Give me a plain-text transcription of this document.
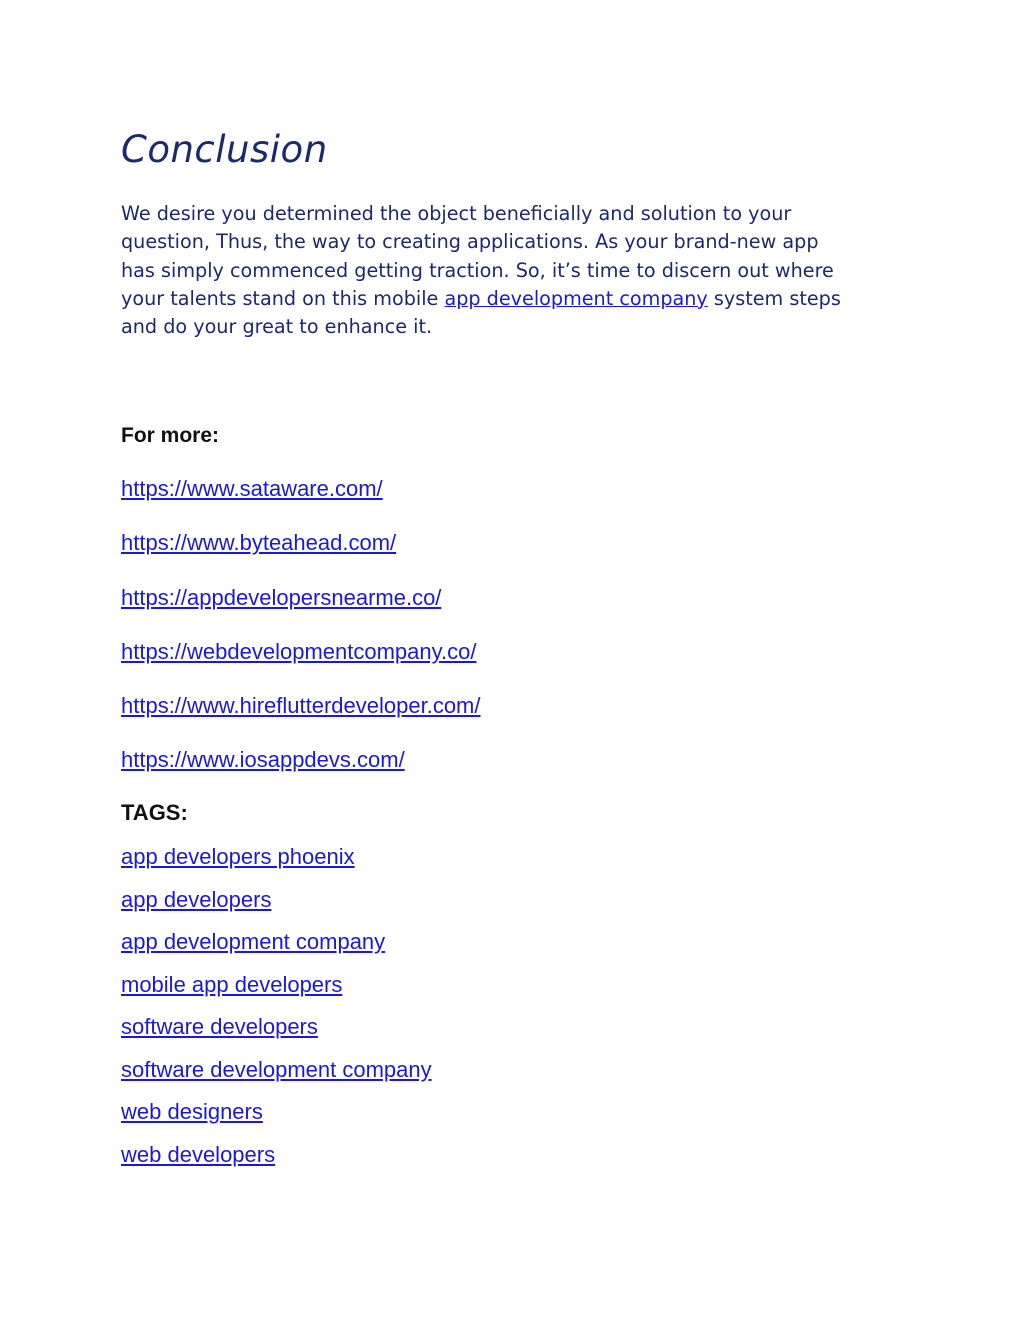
Conclusion

We desire you determined the object beneficially and solution to your
question, Thus, the way to creating applications. As your brand-new app
has simply commenced getting traction. So, it’s time to discern out where
your talents stand on this mobile app development company system steps
and do your great to enhance it.

For more:
https://www.sataware.com/
https://www.byteahead.com/
https://appdevelopersnearme.co/
https://webdevelopmentcompany.co/
https://www.hireflutterdeveloper.com/
https://www.iosappdevs.com/
TAGS:
app developers phoenix
app developers
app development company
mobile app developers
software developers
software development company
web designers
web developers
